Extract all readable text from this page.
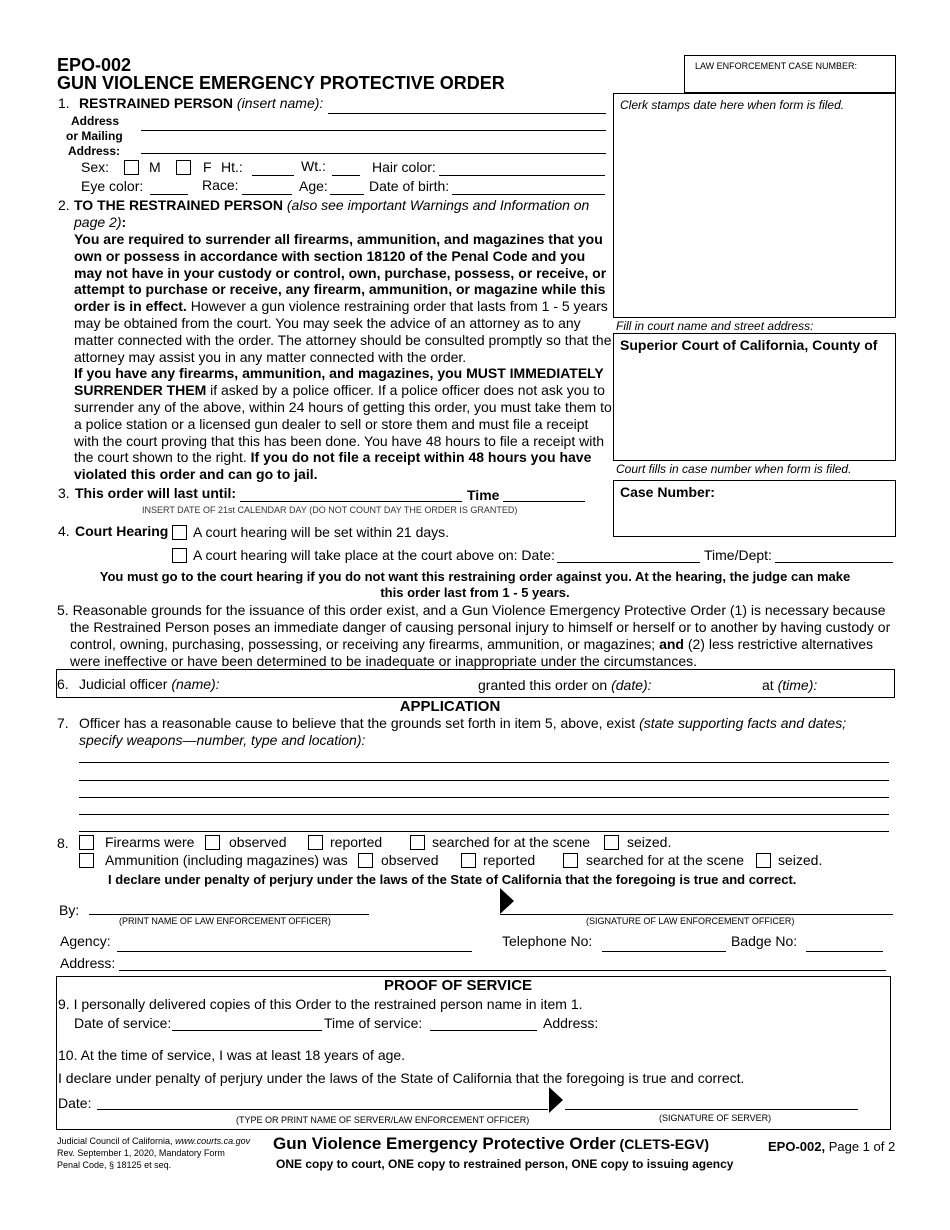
EPO-002
GUN VIOLENCE EMERGENCY PROTECTIVE ORDER
LAW ENFORCEMENT CASE NUMBER:
Clerk stamps date here when form is filed.
Fill in court name and street address:
Superior Court of California, County of
Court fills in case number when form is filed.
Case Number:
1. RESTRAINED PERSON (insert name):
Address
or Mailing
Address:
Sex:	M	F Ht.:	Wt.:	Hair color:
Eye color:	Race:	Age:	Date of birth:
2. TO THE RESTRAINED PERSON (also see important Warnings and Information on
page 2):
You are required to surrender all firearms, ammunition, and magazines that you
own or possess in accordance with section 18120 of the Penal Code and you
may not have in your custody or control, own, purchase, possess, or receive, or
attempt to purchase or receive, any firearm, ammunition, or magazine while this
order is in effect. However a gun violence restraining order that lasts from 1 - 5 years
may be obtained from the court. You may seek the advice of an attorney as to any
matter connected with the order. The attorney should be consulted promptly so that the
attorney may assist you in any matter connected with the order.
If you have any firearms, ammunition, and magazines, you MUST IMMEDIATELY
SURRENDER THEM if asked by a police officer. If a police officer does not ask you to
surrender any of the above, within 24 hours of getting this order, you must take them to
a police station or a licensed gun dealer to sell or store them and must file a receipt
with the court proving that this has been done. You have 48 hours to file a receipt with
the court shown to the right. If you do not file a receipt within 48 hours you have
violated this order and can go to jail.
3. This order will last until:	Time
INSERT DATE OF 21st CALENDAR DAY (DO NOT COUNT DAY THE ORDER IS GRANTED)
4. Court Hearing A court hearing will be set within 21 days.
A court hearing will take place at the court above on: Date:	Time/Dept:
You must go to the court hearing if you do not want this restraining order against you. At the hearing, the judge can make
this order last from 1 - 5 years.
5. Reasonable grounds for the issuance of this order exist, and a Gun Violence Emergency Protective Order (1) is necessary because
the Restrained Person poses an immediate danger of causing personal injury to himself or herself or to another by having custody or
control, owning, purchasing, possessing, or receiving any firearms, ammunition, or magazines; and (2) less restrictive alternatives
were ineffective or have been determined to be inadequate or inappropriate under the circumstances.
6. Judicial officer (name):	granted this order on (date):	at (time):
APPLICATION
7. Officer has a reasonable cause to believe that the grounds set forth in item 5, above, exist (state supporting facts and dates;
specify weapons—number, type and location):
8.	Firearms were observed	reported	searched for at the scene	seized.
Ammunition (including magazines) was observed	reported	searched for at the scene seized.
I declare under penalty of perjury under the laws of the State of California that the foregoing is true and correct.
By:
(PRINT NAME OF LAW ENFORCEMENT OFFICER)	(SIGNATURE OF LAW ENFORCEMENT OFFICER)
Agency:	Telephone No:	Badge No:
Address:
PROOF OF SERVICE
9. I personally delivered copies of this Order to the restrained person name in item 1.
Date of service:	Time of service:	Address:
10. At the time of service, I was at least 18 years of age.
I declare under penalty of perjury under the laws of the State of California that the foregoing is true and correct.
Date:
(TYPE OR PRINT NAME OF SERVER/LAW ENFORCEMENT OFFICER)	(SIGNATURE OF SERVER)
Judicial Council of California, www.courts.ca.gov
Rev. September 1, 2020, Mandatory Form
Penal Code, § 18125 et seq.
Gun Violence Emergency Protective Order (CLETS-EGV)
ONE copy to court, ONE copy to restrained person, ONE copy to issuing agency
EPO-002, Page 1 of 2
